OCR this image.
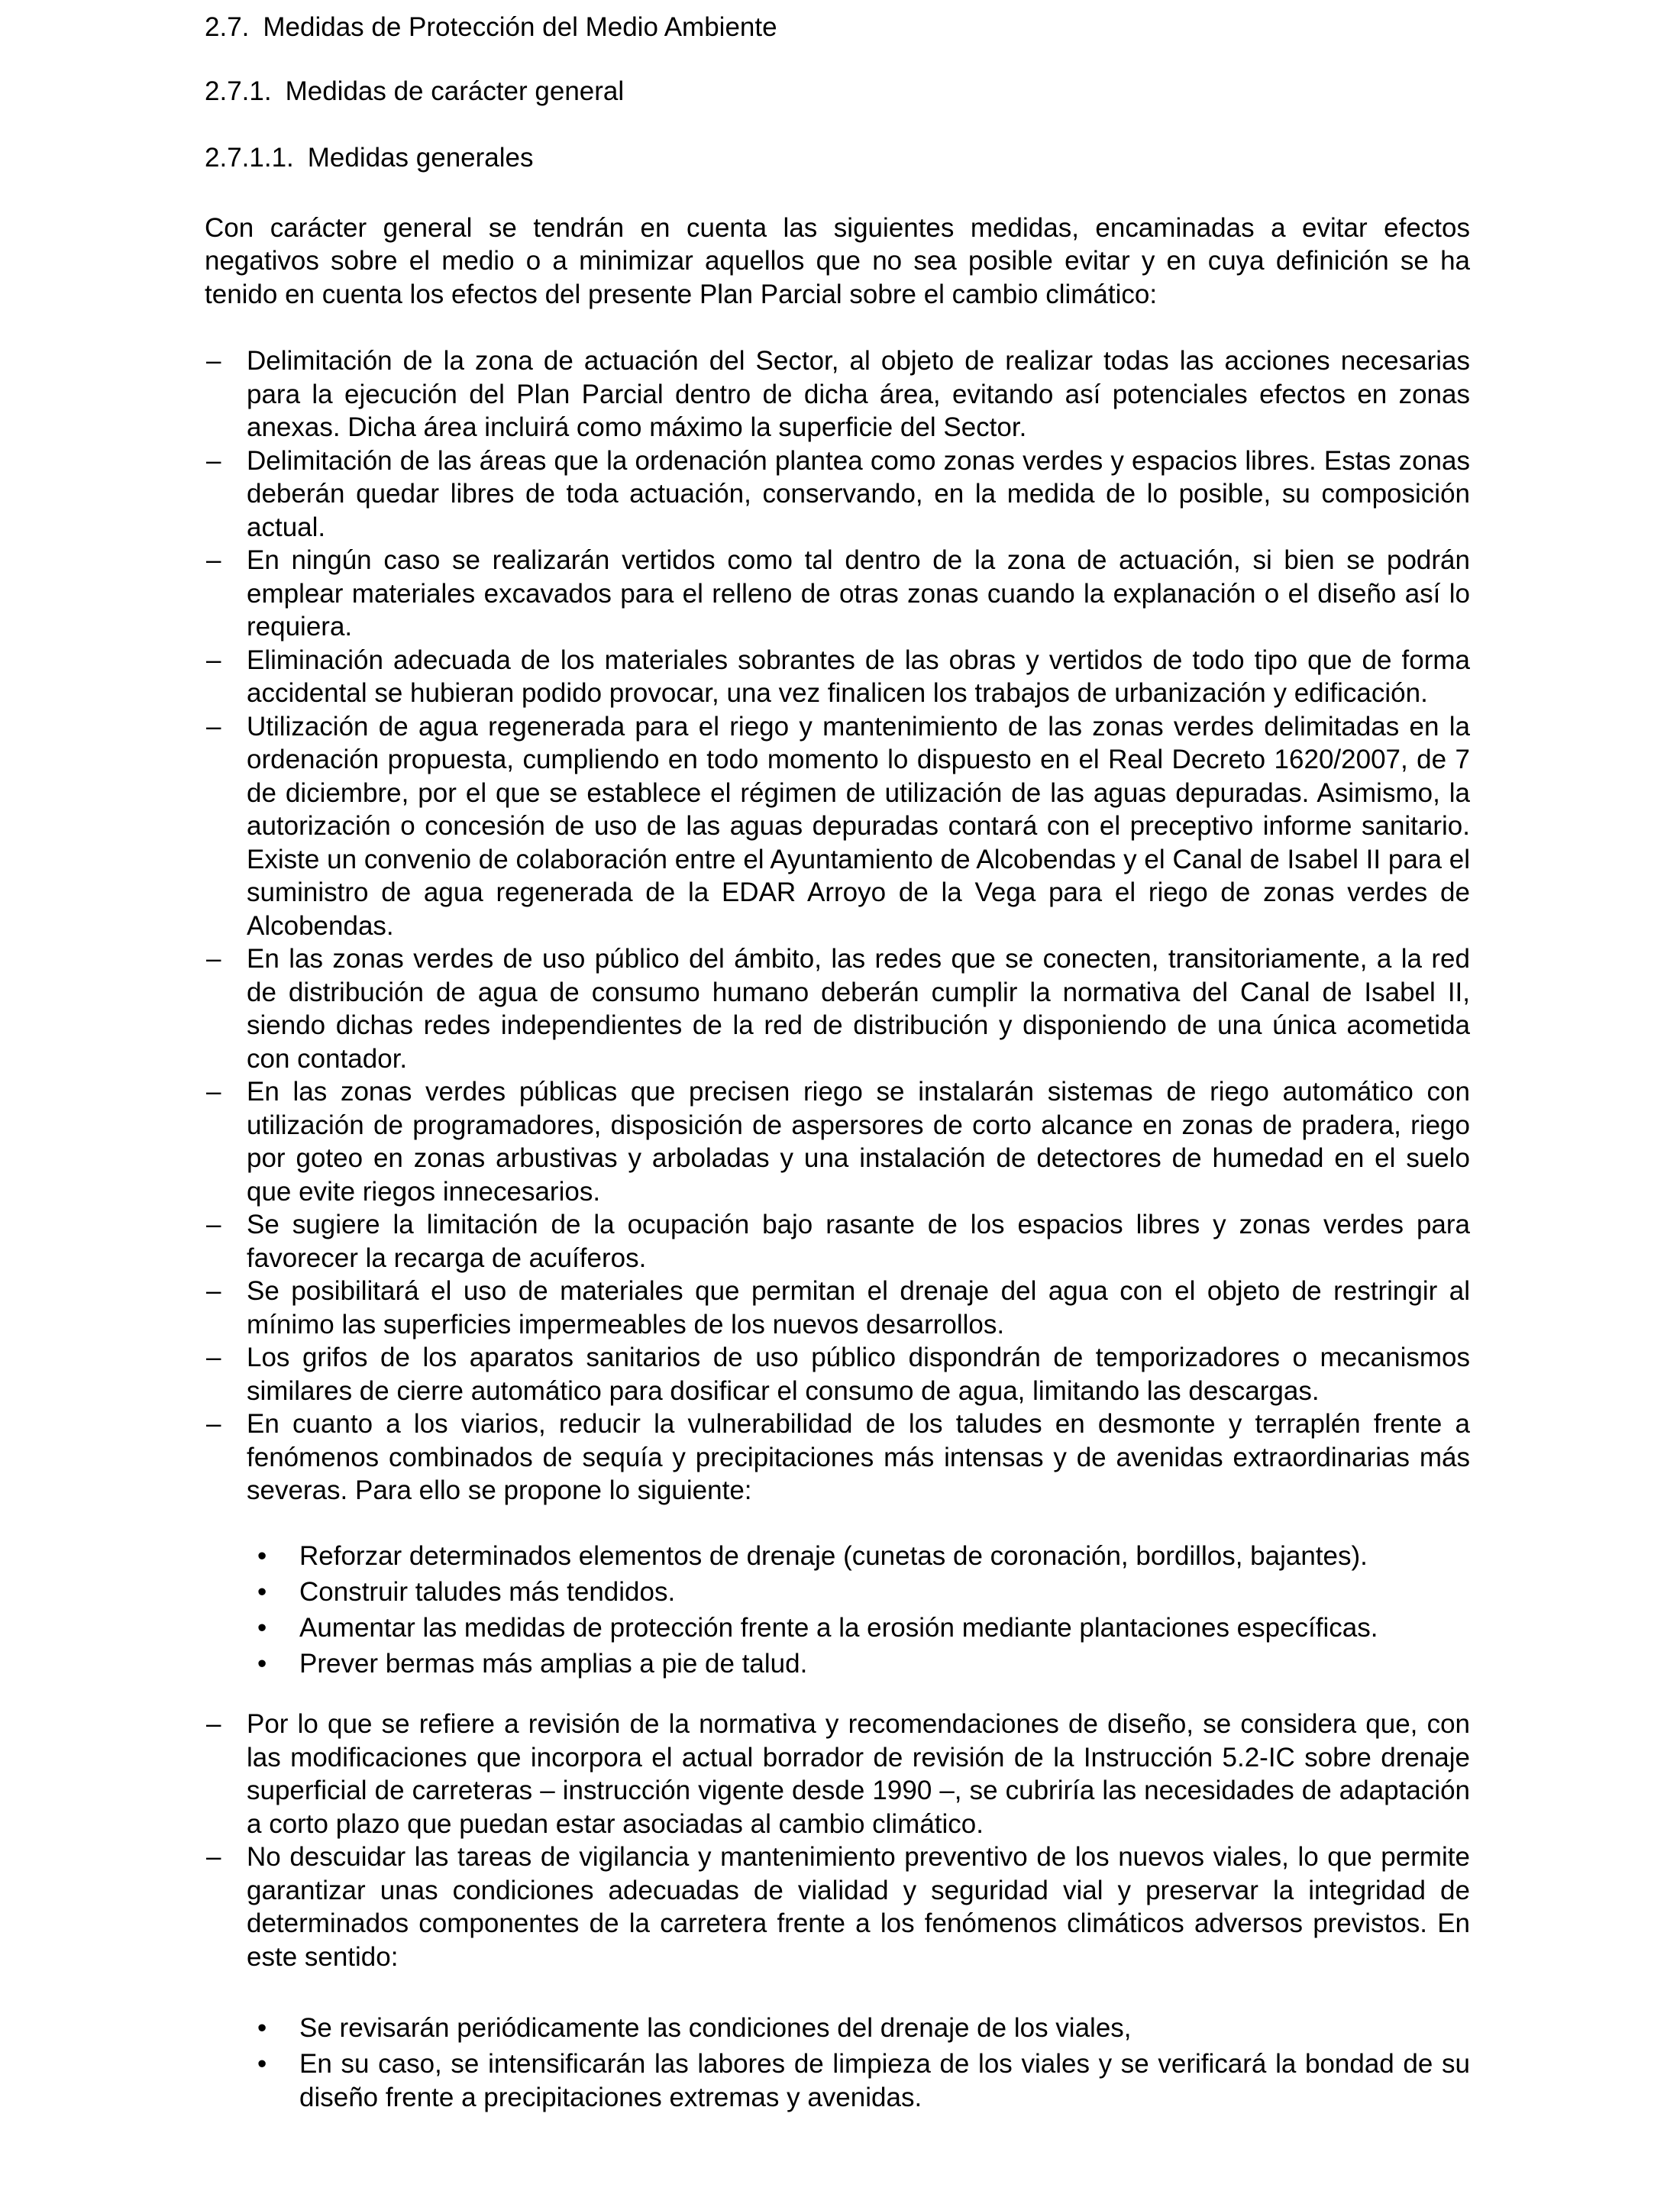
2.7. Medidas de Protección del Medio Ambiente
2.7.1. Medidas de carácter general
2.7.1.1. Medidas generales

Con carácter general se tendrán en cuenta las siguientes medidas, encaminadas a evitar efectos negativos sobre el medio o a minimizar aquellos que no sea posible evitar y en cuya definición se ha tenido en cuenta los efectos del presente Plan Parcial sobre el cambio climático:

– Delimitación de la zona de actuación del Sector, al objeto de realizar todas las acciones necesarias para la ejecución del Plan Parcial dentro de dicha área, evitando así potenciales efectos en zonas anexas. Dicha área incluirá como máximo la superficie del Sector.
– Delimitación de las áreas que la ordenación plantea como zonas verdes y espacios libres. Estas zonas deberán quedar libres de toda actuación, conservando, en la medida de lo posible, su composición actual.
– En ningún caso se realizarán vertidos como tal dentro de la zona de actuación, si bien se podrán emplear materiales excavados para el relleno de otras zonas cuando la explanación o el diseño así lo requiera.
– Eliminación adecuada de los materiales sobrantes de las obras y vertidos de todo tipo que de forma accidental se hubieran podido provocar, una vez finalicen los trabajos de urbanización y edificación.
– Utilización de agua regenerada para el riego y mantenimiento de las zonas verdes delimitadas en la ordenación propuesta, cumpliendo en todo momento lo dispuesto en el Real Decreto 1620/2007, de 7 de diciembre, por el que se establece el régimen de utilización de las aguas depuradas. Asimismo, la autorización o concesión de uso de las aguas depuradas contará con el preceptivo informe sanitario. Existe un convenio de colaboración entre el Ayuntamiento de Alcobendas y el Canal de Isabel II para el suministro de agua regenerada de la EDAR Arroyo de la Vega para el riego de zonas verdes de Alcobendas.
– En las zonas verdes de uso público del ámbito, las redes que se conecten, transitoriamente, a la red de distribución de agua de consumo humano deberán cumplir la normativa del Canal de Isabel II, siendo dichas redes independientes de la red de distribución y disponiendo de una única acometida con contador.
– En las zonas verdes públicas que precisen riego se instalarán sistemas de riego automático con utilización de programadores, disposición de aspersores de corto alcance en zonas de pradera, riego por goteo en zonas arbustivas y arboladas y una instalación de detectores de humedad en el suelo que evite riegos innecesarios.
– Se sugiere la limitación de la ocupación bajo rasante de los espacios libres y zonas verdes para favorecer la recarga de acuíferos.
– Se posibilitará el uso de materiales que permitan el drenaje del agua con el objeto de restringir al mínimo las superficies impermeables de los nuevos desarrollos.
– Los grifos de los aparatos sanitarios de uso público dispondrán de temporizadores o mecanismos similares de cierre automático para dosificar el consumo de agua, limitando las descargas.
– En cuanto a los viarios, reducir la vulnerabilidad de los taludes en desmonte y terraplén frente a fenómenos combinados de sequía y precipitaciones más intensas y de avenidas extraordinarias más severas. Para ello se propone lo siguiente:
• Reforzar determinados elementos de drenaje (cunetas de coronación, bordillos, bajantes).
• Construir taludes más tendidos.
• Aumentar las medidas de protección frente a la erosión mediante plantaciones específicas.
• Prever bermas más amplias a pie de talud.
– Por lo que se refiere a revisión de la normativa y recomendaciones de diseño, se considera que, con las modificaciones que incorpora el actual borrador de revisión de la Instrucción 5.2-IC sobre drenaje superficial de carreteras – instrucción vigente desde 1990 –, se cubriría las necesidades de adaptación a corto plazo que puedan estar asociadas al cambio climático.
– No descuidar las tareas de vigilancia y mantenimiento preventivo de los nuevos viales, lo que permite garantizar unas condiciones adecuadas de vialidad y seguridad vial y preservar la integridad de determinados componentes de la carretera frente a los fenómenos climáticos adversos previstos. En este sentido:
• Se revisarán periódicamente las condiciones del drenaje de los viales,
• En su caso, se intensificarán las labores de limpieza de los viales y se verificará la bondad de su diseño frente a precipitaciones extremas y avenidas.
